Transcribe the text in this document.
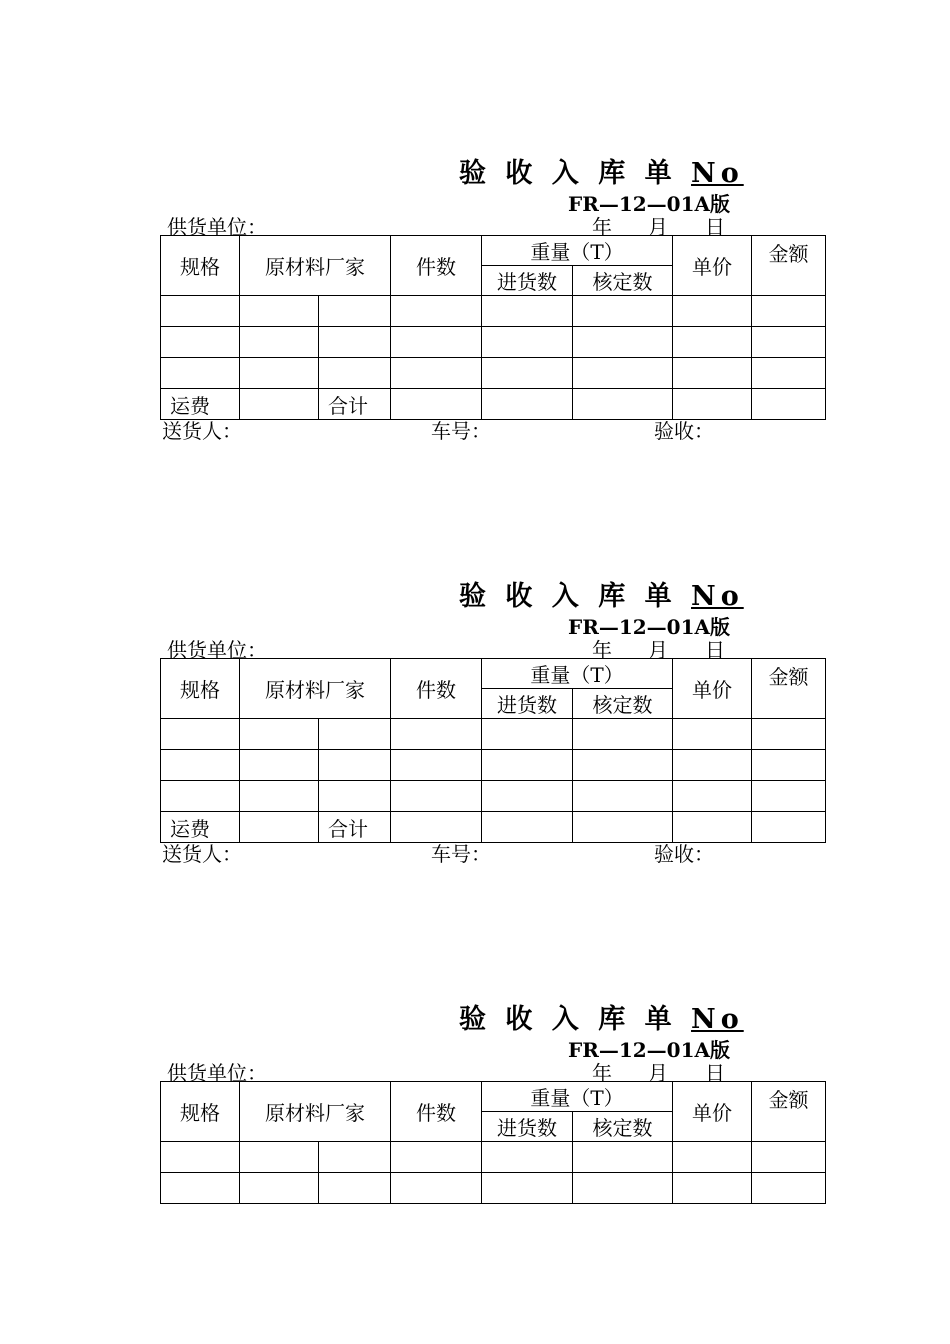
验 收 入 库 单 No
FR—12—01A版
供货单位：	年 月 日
规格	原材料厂家		件数	重量（T）		单价	金额
				进货数	核定数		

运费		合计					
送货人：	车号：	验收：
验 收 入 库 单 No
FR—12—01A版
供货单位：	年 月 日
规格	原材料厂家		件数	重量（T）		单价	金额
				进货数	核定数		

运费		合计					
送货人：	车号：	验收：
验 收 入 库 单 No
FR—12—01A版
供货单位：	年 月 日
规格	原材料厂家		件数	重量（T）		单价	金额
				进货数	核定数		
